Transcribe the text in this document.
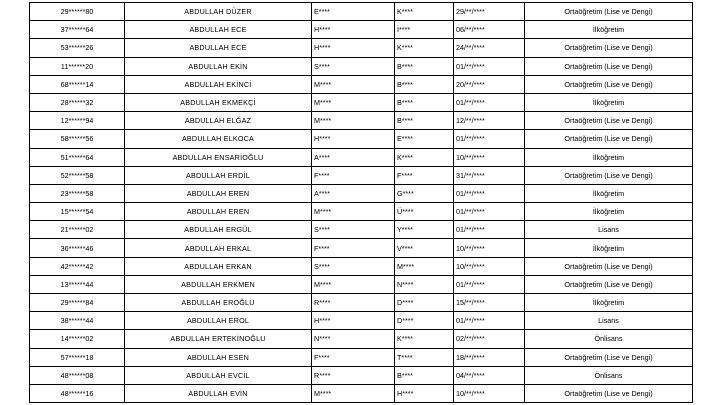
29******80	ABDULLAH DÜZER	E****	K****	29/**/****	Ortaöğretim (Lise ve Dengi)
37******64	ABDULLAH ECE	H****	İ****	06/**/****	İlköğretim
53******26	ABDULLAH ECE	H****	K****	24/**/****	Ortaöğretim (Lise ve Dengi)
11******20	ABDULLAH EKİN	S****	B****	01/**/****	Ortaöğretim (Lise ve Dengi)
68******14	ABDULLAH EKİNCİ	M****	B****	20/**/****	Ortaöğretim (Lise ve Dengi)
28******32	ABDULLAH EKMEKÇİ	M****	B****	01/**/****	İlköğretim
12******94	ABDULLAH ELĞAZ	M****	B****	12/**/****	Ortaöğretim (Lise ve Dengi)
58******56	ABDULLAH ELKOCA	H****	E****	01/**/****	Ortaöğretim (Lise ve Dengi)
51******64	ABDULLAH ENSARİOĞLU	A****	K****	10/**/****	İlköğretim
52******58	ABDULLAH ERDİL	F****	F****	31/**/****	Ortaöğretim (Lise ve Dengi)
23******58	ABDULLAH EREN	A****	G****	01/**/****	İlköğretim
15******54	ABDULLAH EREN	M****	Ü****	01/**/****	İlköğretim
21******02	ABDULLAH ERGÜL	S****	Y****	01/**/****	Lisans
36******46	ABDULLAH ERKAL	F****	V****	10/**/****	İlköğretim
42******42	ABDULLAH ERKAN	S****	M****	10/**/****	Ortaöğretim (Lise ve Dengi)
13******44	ABDULLAH ERKMEN	M****	N****	01/**/****	Ortaöğretim (Lise ve Dengi)
29******84	ABDULLAH EROĞLU	R****	D****	15/**/****	İlköğretim
38******44	ABDULLAH EROL	H****	D****	01/**/****	Lisans
14******02	ABDULLAH ERTEKİNOĞLU	N****	K****	02/**/****	Önlisans
57******18	ABDULLAH ESEN	F****	T****	18/**/****	Ortaöğretim (Lise ve Dengi)
48******08	ABDULLAH EVCİL	R****	B****	04/**/****	Önlisans
48******16	ABDULLAH EVİN	M****	H****	10/**/****	Ortaöğretim (Lise ve Dengi)
